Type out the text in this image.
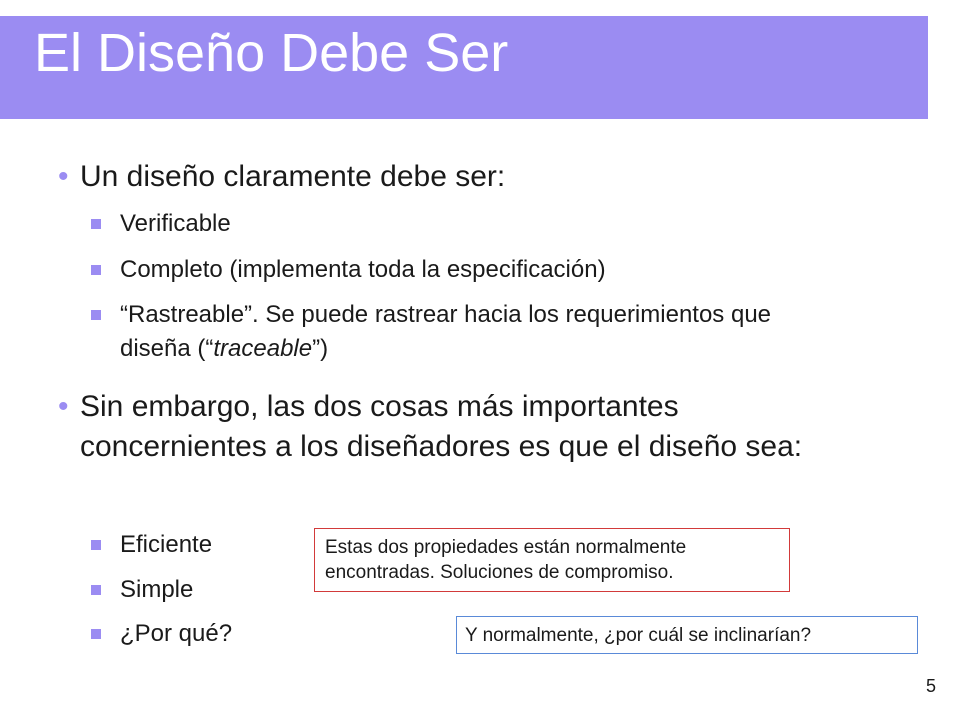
El Diseño Debe Ser
• Un diseño claramente debe ser:
Verificable
Completo (implementa toda la especificación)
“Rastreable”. Se puede rastrear hacia los requerimientos que diseña (“traceable”)
• Sin embargo, las dos cosas más importantes concernientes a los diseñadores es que el diseño sea:
Eficiente
Simple
¿Por qué?
Estas dos propiedades están normalmente encontradas. Soluciones de compromiso.
Y normalmente, ¿por cuál se inclinarían?
5
